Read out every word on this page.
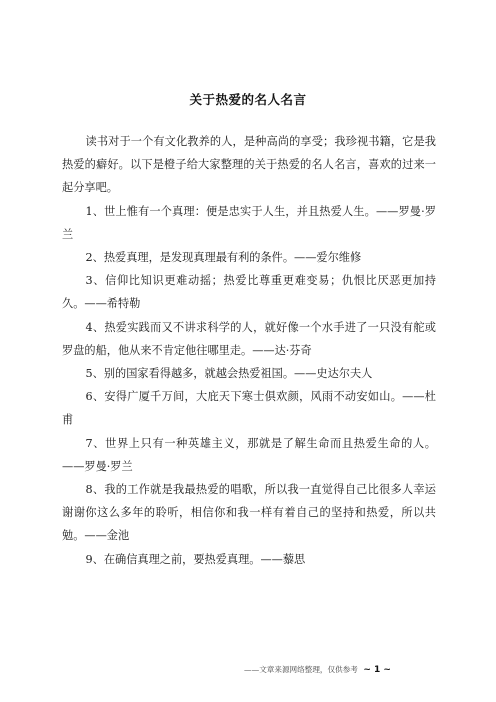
关于热爱的名人名言

读书对于一个有文化教养的人，是种高尚的享受；我珍视书籍，它是我热爱的癖好。以下是橙子给大家整理的关于热爱的名人名言，喜欢的过来一起分享吧。

1、世上惟有一个真理：便是忠实于人生，并且热爱人生。——罗曼·罗兰

2、热爱真理，是发现真理最有利的条件。——爱尔维修

3、信仰比知识更难动摇；热爱比尊重更难变易；仇恨比厌恶更加持久。——希特勒

4、热爱实践而又不讲求科学的人，就好像一个水手进了一只没有舵或罗盘的船，他从来不肯定他往哪里走。——达·芬奇

5、别的国家看得越多，就越会热爱祖国。——史达尔夫人

6、安得广厦千万间，大庇天下寒士俱欢颜，风雨不动安如山。——杜甫

7、世界上只有一种英雄主义，那就是了解生命而且热爱生命的人。——罗曼·罗兰

8、我的工作就是我最热爱的唱歌，所以我一直觉得自己比很多人幸运谢谢你这么多年的聆听，相信你和我一样有着自己的坚持和热爱，所以共勉。——金池

9、在确信真理之前，要热爱真理。——藜思

——文章来源网络整理，仅供参考 ~ 1 ~
